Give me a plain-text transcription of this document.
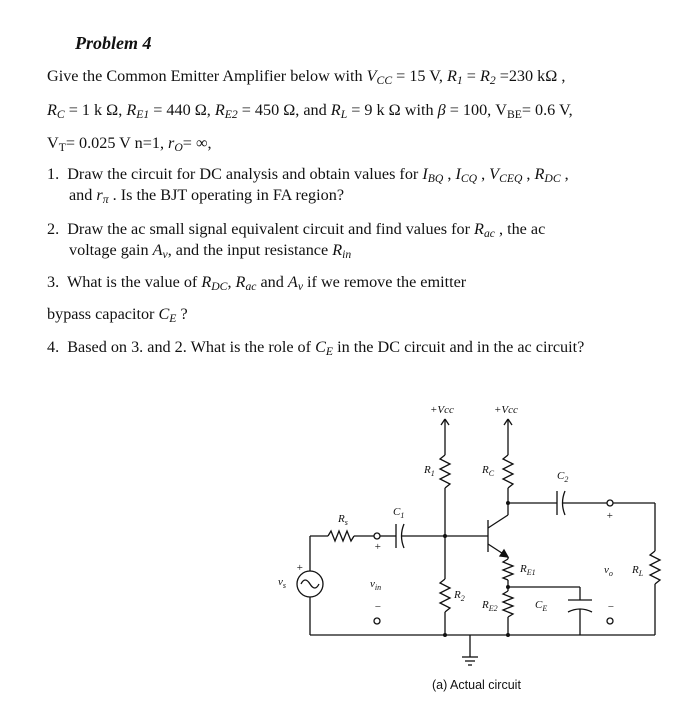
Problem 4
Give the Common Emitter Amplifier below with $V_{CC} = 15$ V, $R_1 = R_2 =230$ kΩ ,
$R_C = 1$ k Ω, $R_{E1} = 440$ Ω, $R_{E2} = 450$ Ω, and $R_L = 9$ k Ω with β = 100, $V_{BE}= 0.6$ V,
$V_T= 0.025$ V n=1, $r_O=$ ∞,
1. Draw the circuit for DC analysis and obtain values for $I_{BQ}$ , $I_{CQ}$ , $V_{CEQ}$ , $R_{DC}$ ,
and $r_\pi$ . Is the BJT operating in FA region?
2. Draw the ac small signal equivalent circuit and find values for $R_{ac}$ , the ac
voltage gain $A_v$, and the input resistance $R_{in}$
3. What is the value of $R_{DC}$, $R_{ac}$ and $A_v$ if we remove the emitter
bypass capacitor $C_E$ ?
4. Based on 3. and 2. What is the role of $C_E$ in the DC circuit and in the ac circuit?
+Vcc	+Vcc
$R_1$	$R_C$
$C_1$
$C_2$
$R_s$
$R_{E1}$
$R_{E2}$	$C_E$
$R_2$
$R_L$
$v_s$	$v_{in}$
$v_o$
+
+
+
−	−
(a) Actual circuit
